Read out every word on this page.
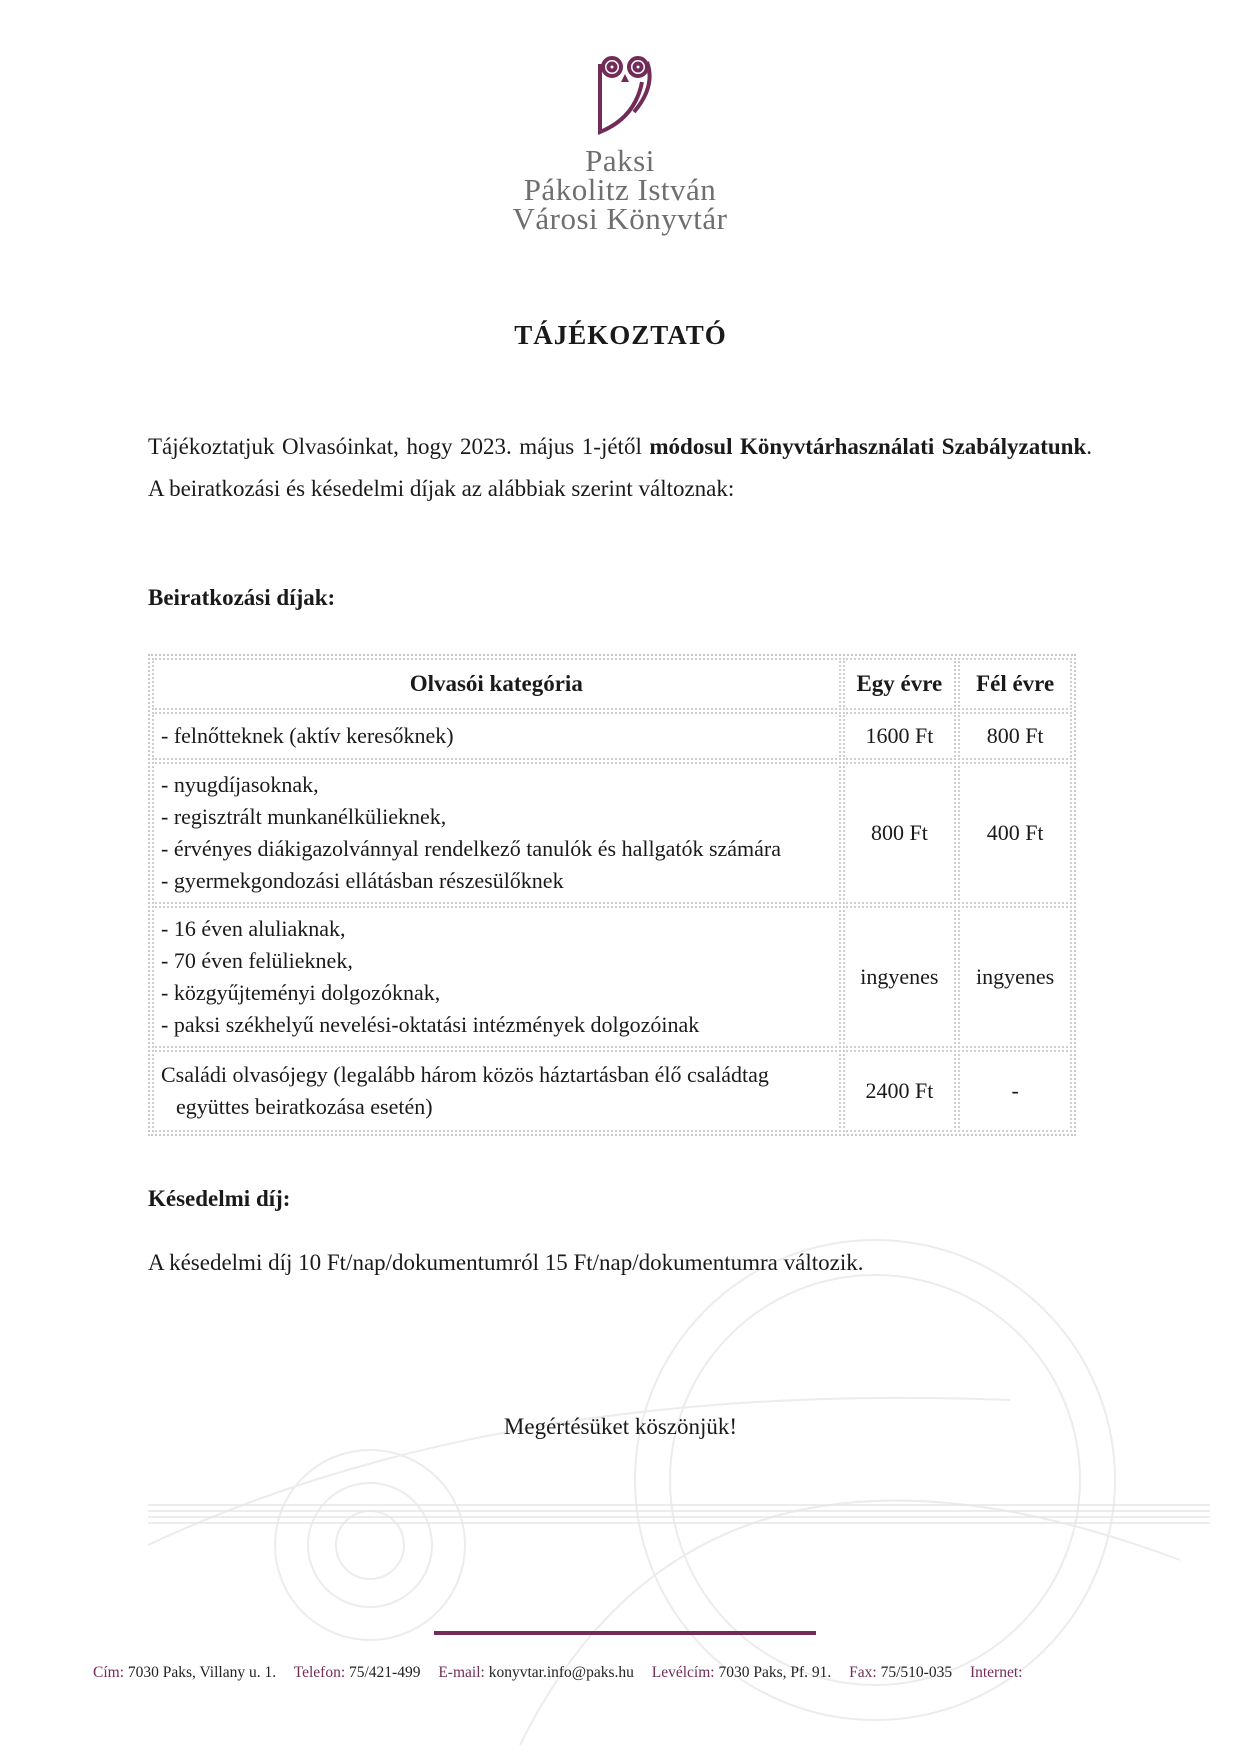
Paksi
Pákolitz István
Városi Könyvtár
TÁJÉKOZTATÓ
Tájékoztatjuk Olvasóinkat, hogy 2023. május 1-jétől módosul Könyvtárhasználati Szabályzatunk. A beiratkozási és késedelmi díjak az alábbiak szerint változnak:
Beiratkozási díjak:
Olvasói kategória	Egy évre	Fél évre

- felnőtteknek (aktív keresőknek)	1600 Ft	800 Ft

- nyugdíjasoknak,
- regisztrált munkanélkülieknek,
- érvényes diákigazolvánnyal rendelkező tanulók és hallgatók számára
- gyermekgondozási ellátásban részesülőknek	800 Ft	400 Ft

- 16 éven aluliaknak,
- 70 éven felülieknek,
- közgyűjteményi dolgozóknak,
- paksi székhelyű nevelési-oktatási intézmények dolgozóinak	ingyenes	ingyenes

Családi olvasójegy (legalább három közös háztartásban élő családtag együttes beiratkozása esetén)	2400 Ft	-
Késedelmi díj:
A késedelmi díj 10 Ft/nap/dokumentumról 15 Ft/nap/dokumentumra változik.
Megértésüket köszönjük!
Cím: 7030 Paks, Villany u. 1. Telefon: 75/421-499 E-mail: konyvtar.info@paks.hu Levélcím: 7030 Paks, Pf. 91. Fax: 75/510-035 Internet:
